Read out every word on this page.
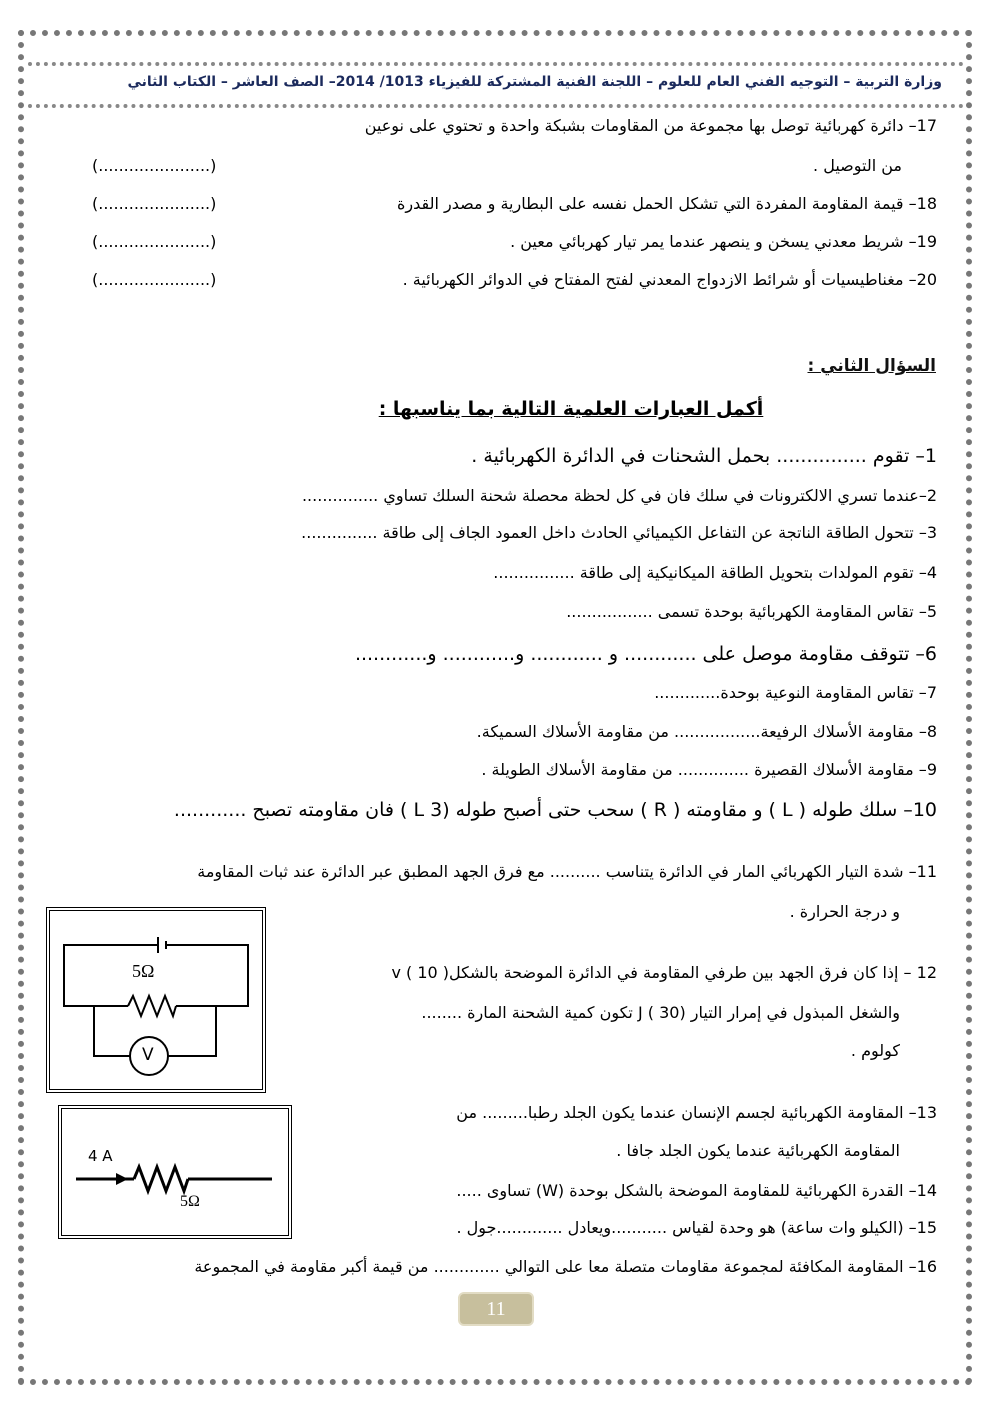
وزارة التربية – التوجيه الفني العام للعلوم – اللجنة الفنية المشتركة للفيزياء 1013/ 2014– الصف العاشر – الكتاب الثاني
17– دائرة كهربائية توصل بها مجموعة من المقاومات بشبكة واحدة و تحتوي على نوعين
من التوصيل .
(......................)
18– قيمة المقاومة المفردة التي تشكل الحمل نفسه على البطارية و مصدر القدرة
(......................)
19– شريط معدني يسخن و ينصهر عندما يمر تيار كهربائي معين .
(......................)
20– مغناطيسيات أو شرائط الازدواج المعدني لفتح المفتاح في الدوائر الكهربائية .
(......................)
السؤال الثاني :
أكمل العبارات العلمية التالية بما يناسبها :
1– تقوم ............... بحمل الشحنات في الدائرة الكهربائية .
2–عندما تسري الالكترونات في سلك فان في كل لحظة محصلة شحنة السلك تساوي ...............
3– تتحول الطاقة الناتجة عن التفاعل الكيميائي الحادث داخل العمود الجاف إلى طاقة ...............
4– تقوم المولدات بتحويل الطاقة الميكانيكية إلى طاقة ................
5– تقاس المقاومة الكهربائية بوحدة تسمى .................
6– تتوقف مقاومة موصل على ............ و ............ و............ و............
7– تقاس المقاومة النوعية بوحدة.............
8– مقاومة الأسلاك الرفيعة................. من مقاومة الأسلاك السميكة.
9– مقاومة الأسلاك القصيرة .............. من مقاومة الأسلاك الطويلة .
10– سلك طوله ( L ) و مقاومته ( R ) سحب حتى أصبح طوله (3 L ) فان مقاومته تصبح ............
11– شدة التيار الكهربائي المار في الدائرة يتناسب .......... مع فرق الجهد المطبق عبر الدائرة عند ثبات المقاومة
و درجة الحرارة .
12 – إذا كان فرق الجهد بين طرفي المقاومة في الدائرة الموضحة بالشكل( 10 ) v
والشغل المبذول في إمرار التيار J ( 30) تكون كمية الشحنة المارة ........
كولوم .
13– المقاومة الكهربائية لجسم الإنسان عندما يكون الجلد رطبا......... من
المقاومة الكهربائية عندما يكون الجلد جافا .
14– القدرة الكهربائية للمقاومة الموضحة بالشكل بوحدة (W) تساوى .....
15– (الكيلو وات ساعة) هو وحدة لقياس ...........ويعادل .............جول .
16– المقاومة المكافئة لمجموعة مقاومات متصلة معا على التوالي ............. من قيمة أكبر مقاومة في المجموعة
5Ω
V
4 A
5Ω
11
